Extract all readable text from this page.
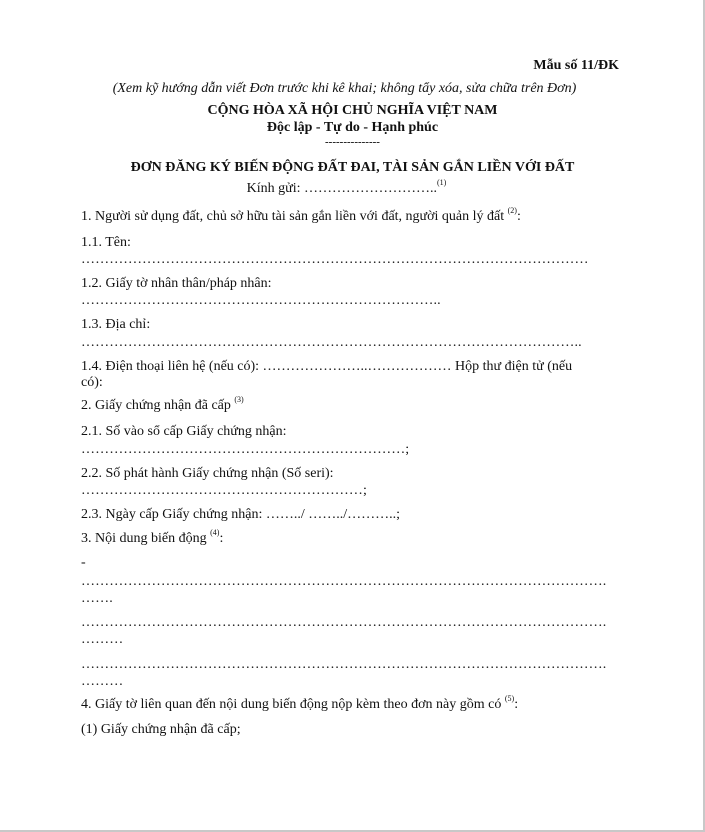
Mẫu số 11/ĐK
(Xem kỹ hướng dẫn viết Đơn trước khi kê khai; không tẩy xóa, sửa chữa trên Đơn)
CỘNG HÒA XÃ HỘI CHỦ NGHĨA VIỆT NAM
Độc lập - Tự do - Hạnh phúc
---------------
ĐƠN ĐĂNG KÝ BIẾN ĐỘNG ĐẤT ĐAI, TÀI SẢN GẮN LIỀN VỚI ĐẤT
Kính gửi: ………………………..$^{(1)}$
1. Người sử dụng đất, chủ sở hữu tài sản gắn liền với đất, người quản lý đất $^{(2)}$:
1.1. Tên:
………………………………………………………………………………………………
1.2. Giấy tờ nhân thân/pháp nhân:
…………………………………………………………………..
1.3. Địa chỉ:
……………………………………………………………………………………………..
1.4. Điện thoại liên hệ (nếu có): …………………..……………… Hộp thư điện tử (nếu
có):
2. Giấy chứng nhận đã cấp $^{(3)}$
2.1. Số vào sổ cấp Giấy chứng nhận:
……………………………………………………………;
2.2. Số phát hành Giấy chứng nhận (Số seri):
……………………………………………………;
2.3. Ngày cấp Giấy chứng nhận: ……../ ……../………..;
3. Nội dung biến động $^{(4)}$:
-
………………………………………………………………………………………………….
…….
………………………………………………………………………………………………….
………
………………………………………………………………………………………………….
………
4. Giấy tờ liên quan đến nội dung biến động nộp kèm theo đơn này gồm có $^{(5)}$:
(1) Giấy chứng nhận đã cấp;
